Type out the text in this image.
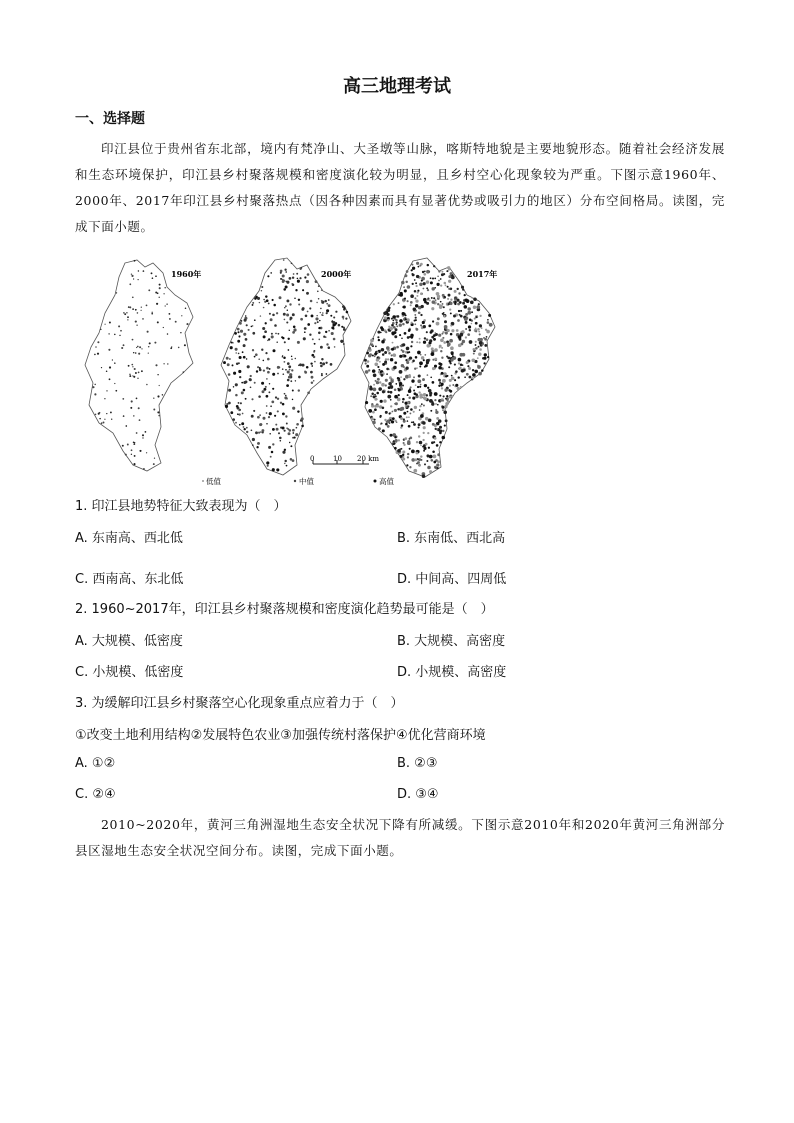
高三地理考试
一、选择题
印江县位于贵州省东北部，境内有梵净山、大圣墩等山脉，喀斯特地貌是主要地貌形态。随着社会经济发展和生态环境保护，印江县乡村聚落规模和密度演化较为明显，且乡村空心化现象较为严重。下图示意1960年、2000年、2017年印江县乡村聚落热点（因各种因素而具有显著优势或吸引力的地区）分布空间格局。读图，完成下面小题。
1960年	2000年	2017年
0	10 20 km
低值	中值	高值
1. 印江县地势特征大致表现为（　）
A. 东南高、西北低	B. 东南低、西北高
C. 西南高、东北低	D. 中间高、四周低
2. 1960~2017年，印江县乡村聚落规模和密度演化趋势最可能是（　）
A. 大规模、低密度	B. 大规模、高密度
C. 小规模、低密度	D. 小规模、高密度
3. 为缓解印江县乡村聚落空心化现象重点应着力于（　）
①改变土地利用结构②发展特色农业③加强传统村落保护④优化营商环境
A. ①②	B. ②③
C. ②④	D. ③④
2010~2020年，黄河三角洲湿地生态安全状况下降有所减缓。下图示意2010年和2020年黄河三角洲部分县区湿地生态安全状况空间分布。读图，完成下面小题。
